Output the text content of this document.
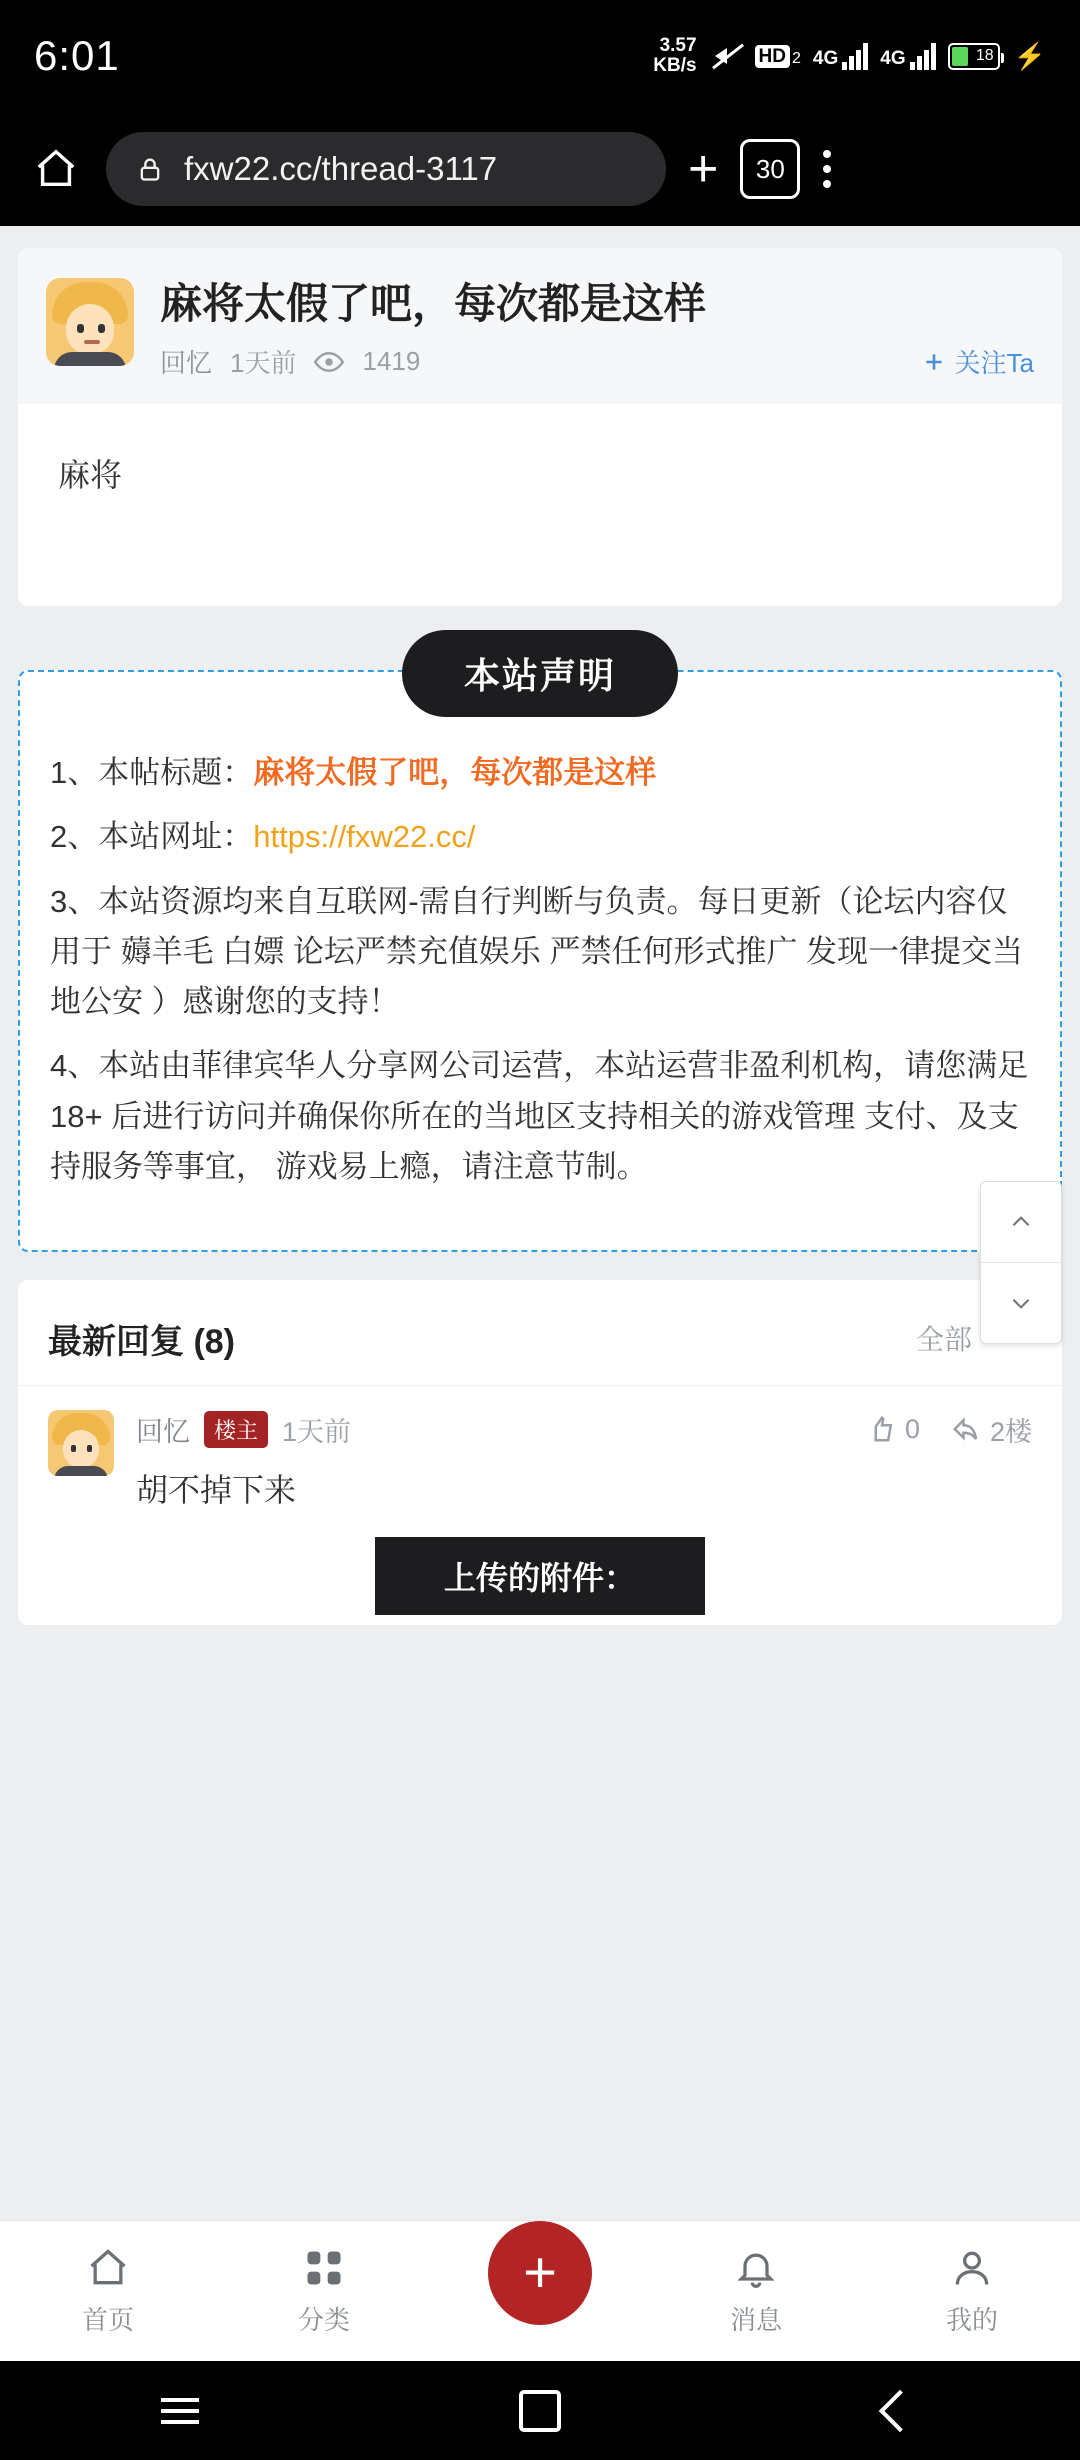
6:01	3.57
KB/s	HD 2 4G 4G	18 ⚡
fxw22.cc/thread-3117	+	30
麻将太假了吧，每次都是这样
回忆 1天前	1419	关注Ta
麻将
本站声明
1、本帖标题：麻将太假了吧，每次都是这样
2、本站网址：https://fxw22.cc/
3、本站资源均来自互联网-需自行判断与负责。每日更新（论坛内容仅用于 薅羊毛 白嫖 论坛严禁充值娱乐 严禁任何形式推广 发现一律提交当地公安 ）感谢您的支持！
4、本站由菲律宾华人分享网公司运营，本站运营非盈利机构，请您满足18+ 后进行访问并确保你所在的当地区支持相关的游戏管理 支付、及支持服务等事宜， 游戏易上瘾，请注意节制。
最新回复 (8)	全部
回忆	楼主 1天前	0	2楼
胡不掉下来
上传的附件：
首页	分类
+
消息	我的
